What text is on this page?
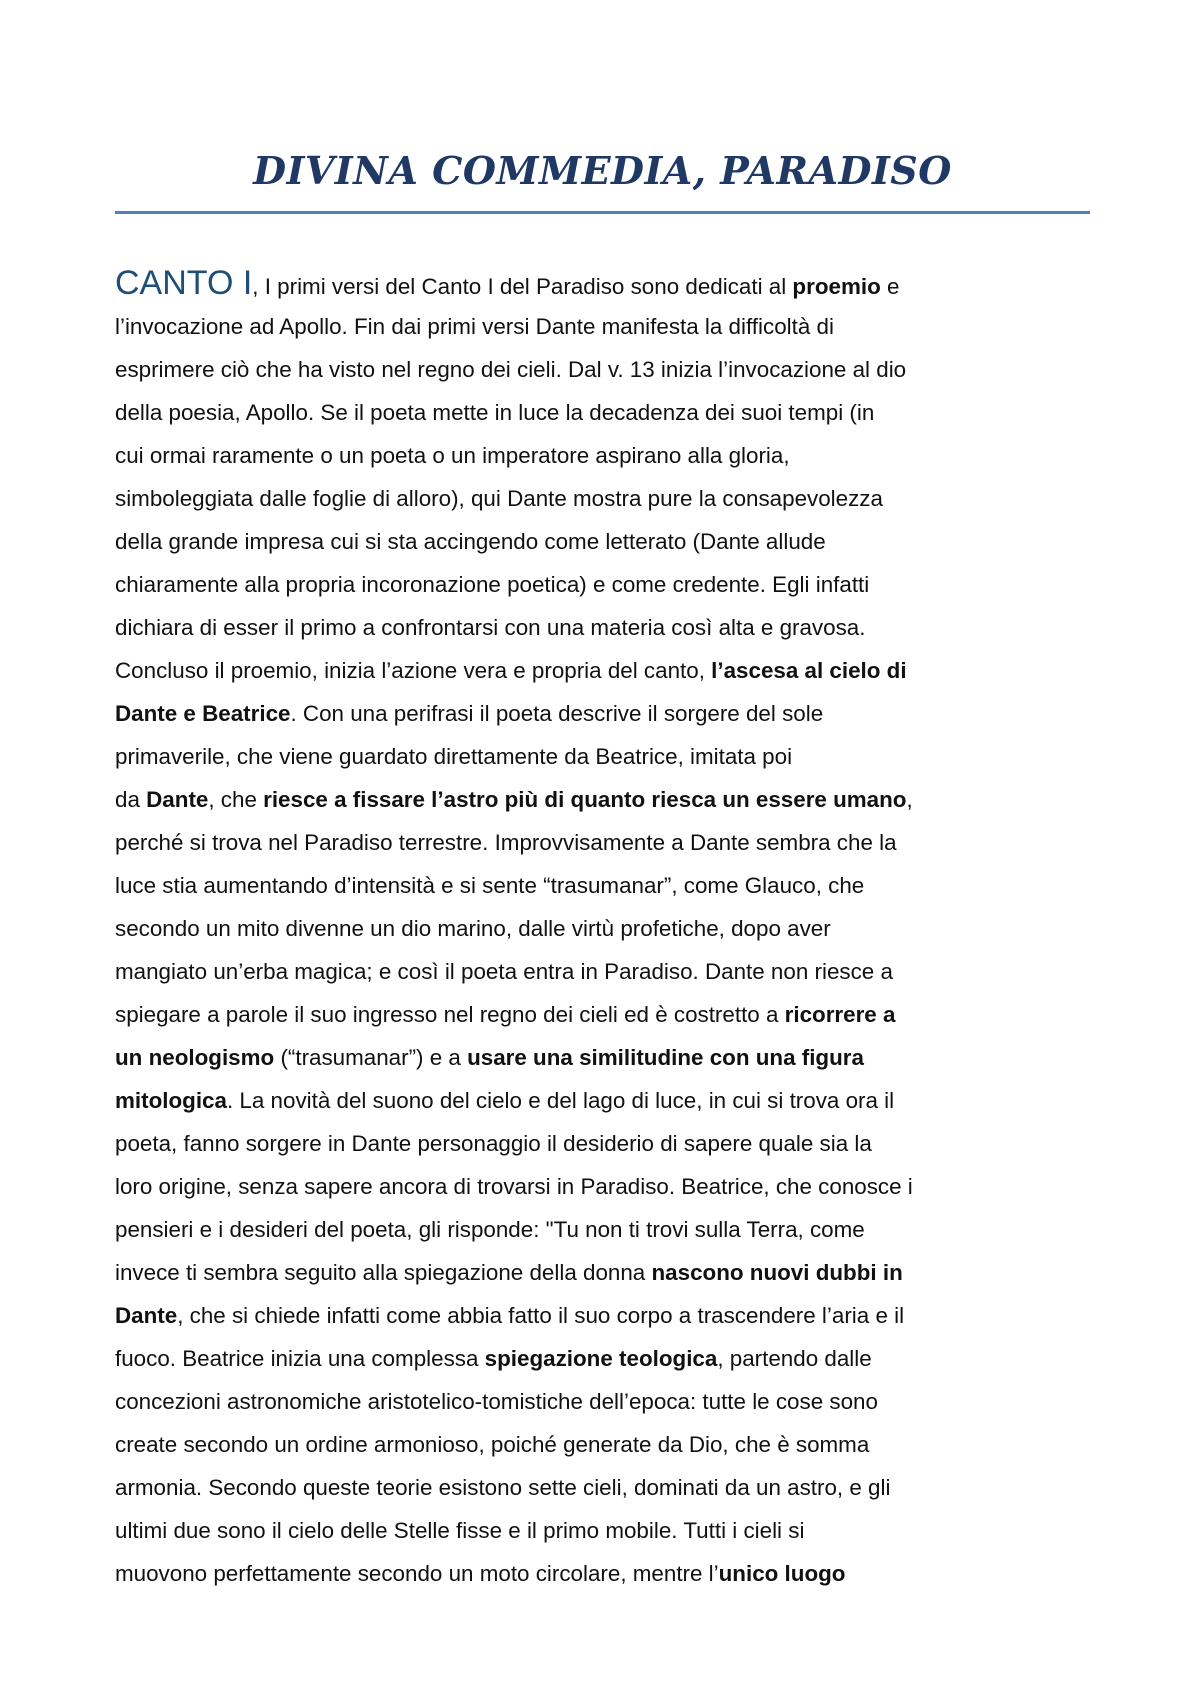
DIVINA COMMEDIA, PARADISO
CANTO I, I primi versi del Canto I del Paradiso sono dedicati al proemio e
l’invocazione ad Apollo. Fin dai primi versi Dante manifesta la difficoltà di
esprimere ciò che ha visto nel regno dei cieli. Dal v. 13 inizia l’invocazione al dio
della poesia, Apollo. Se il poeta mette in luce la decadenza dei suoi tempi (in
cui ormai raramente o un poeta o un imperatore aspirano alla gloria,
simboleggiata dalle foglie di alloro), qui Dante mostra pure la consapevolezza
della grande impresa cui si sta accingendo come letterato (Dante allude
chiaramente alla propria incoronazione poetica) e come credente. Egli infatti
dichiara di esser il primo a confrontarsi con una materia così alta e gravosa.
Concluso il proemio, inizia l’azione vera e propria del canto, l’ascesa al cielo di
Dante e Beatrice. Con una perifrasi il poeta descrive il sorgere del sole
primaverile, che viene guardato direttamente da Beatrice, imitata poi
da Dante, che riesce a fissare l’astro più di quanto riesca un essere umano,
perché si trova nel Paradiso terrestre. Improvvisamente a Dante sembra che la
luce stia aumentando d’intensità e si sente “trasumanar”, come Glauco, che
secondo un mito divenne un dio marino, dalle virtù profetiche, dopo aver
mangiato un’erba magica; e così il poeta entra in Paradiso. Dante non riesce a
spiegare a parole il suo ingresso nel regno dei cieli ed è costretto a ricorrere a
un neologismo (“trasumanar”) e a usare una similitudine con una figura
mitologica. La novità del suono del cielo e del lago di luce, in cui si trova ora il
poeta, fanno sorgere in Dante personaggio il desiderio di sapere quale sia la
loro origine, senza sapere ancora di trovarsi in Paradiso. Beatrice, che conosce i
pensieri e i desideri del poeta, gli risponde: "Tu non ti trovi sulla Terra, come
invece ti sembra seguito alla spiegazione della donna nascono nuovi dubbi in
Dante, che si chiede infatti come abbia fatto il suo corpo a trascendere l’aria e il
fuoco. Beatrice inizia una complessa spiegazione teologica, partendo dalle
concezioni astronomiche aristotelico-tomistiche dell’epoca: tutte le cose sono
create secondo un ordine armonioso, poiché generate da Dio, che è somma
armonia. Secondo queste teorie esistono sette cieli, dominati da un astro, e gli
ultimi due sono il cielo delle Stelle fisse e il primo mobile. Tutti i cieli si
muovono perfettamente secondo un moto circolare, mentre l’unico luogo
